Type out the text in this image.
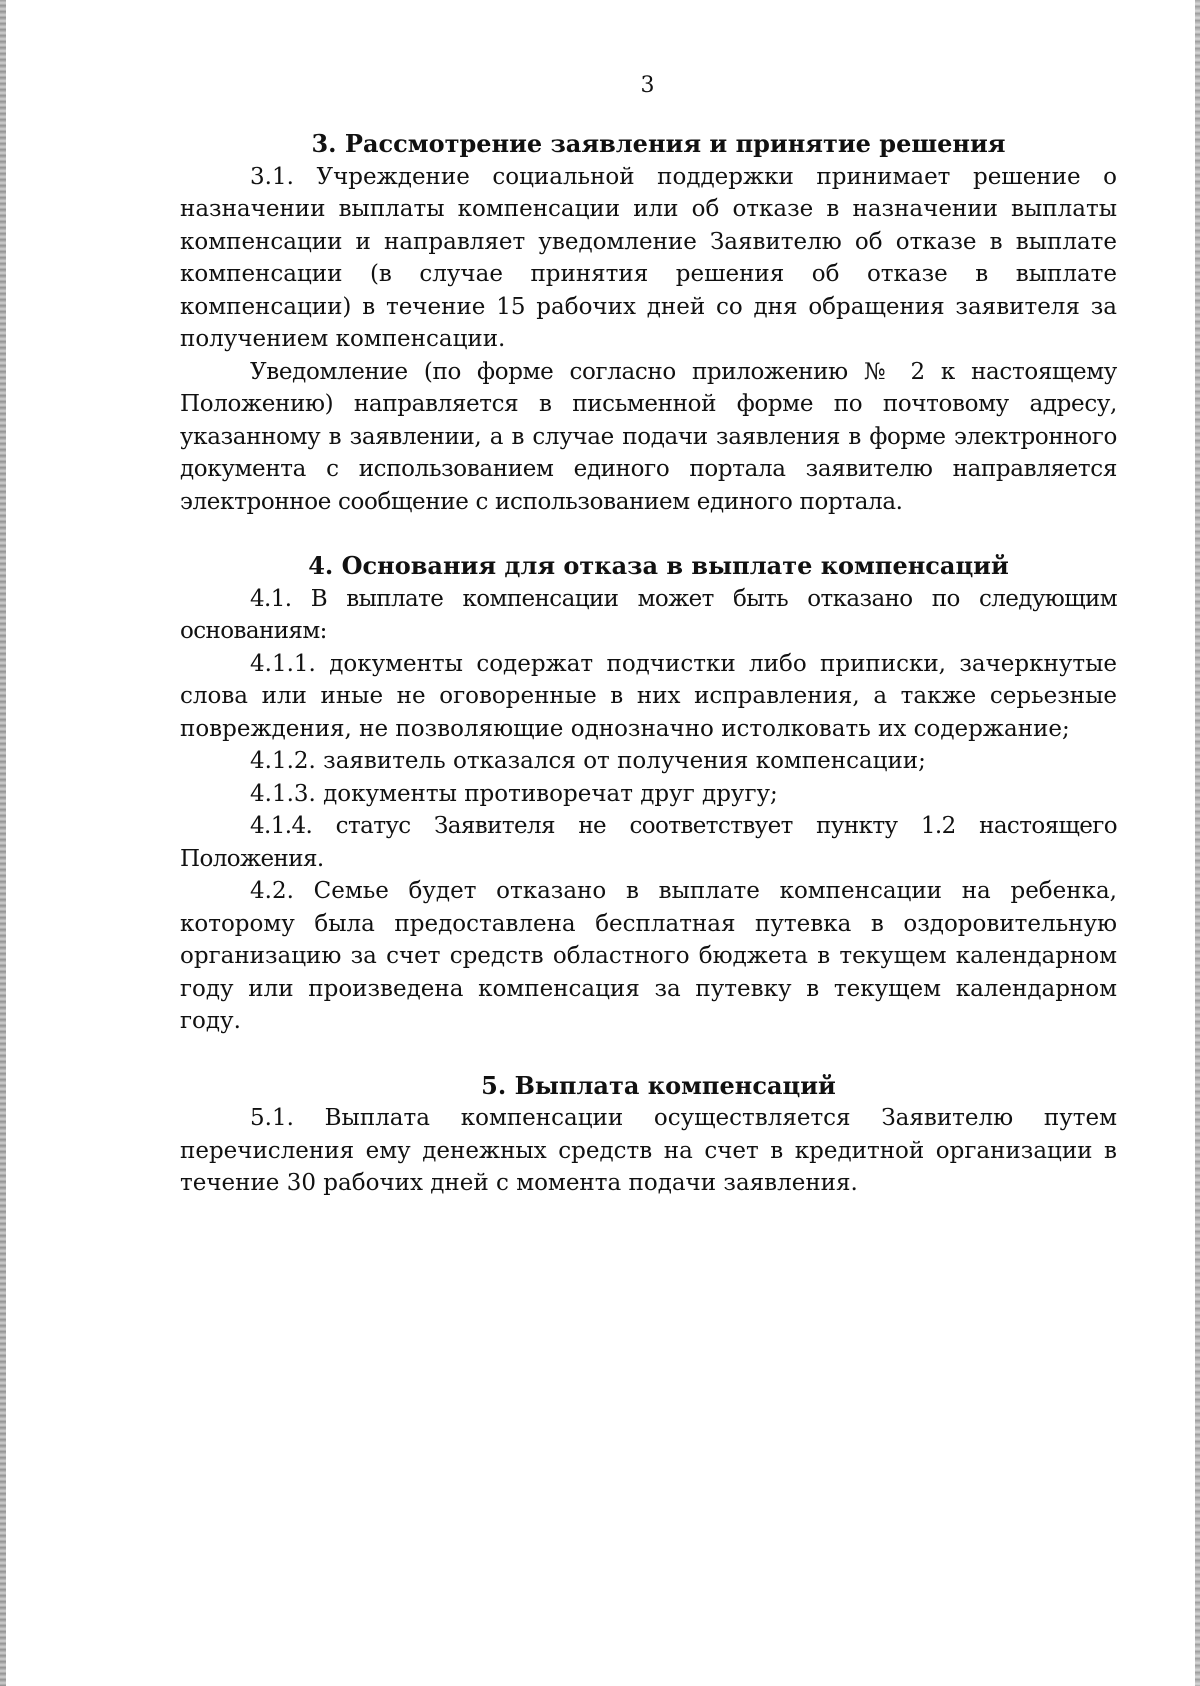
3
3. Рассмотрение заявления и принятие решения

3.1. Учреждение социальной поддержки принимает решение о назначении выплаты компенсации или об отказе в назначении выплаты компенсации и направляет уведомление Заявителю об отказе в выплате компенсации (в случае принятия решения об отказе в выплате компенсации) в течение 15 рабочих дней со дня обращения заявителя за получением компенсации.

Уведомление (по форме согласно приложению № 2 к настоящему Положению) направляется в письменной форме по почтовому адресу, указанному в заявлении, а в случае подачи заявления в форме электронного документа с использованием единого портала заявителю направляется электронное сообщение с использованием единого портала.

4. Основания для отказа в выплате компенсаций

4.1. В выплате компенсации может быть отказано по следующим основаниям:

4.1.1. документы содержат подчистки либо приписки, зачеркнутые слова или иные не оговоренные в них исправления, а также серьезные повреждения, не позволяющие однозначно истолковать их содержание;

4.1.2. заявитель отказался от получения компенсации;

4.1.3. документы противоречат друг другу;

4.1.4. статус Заявителя не соответствует пункту 1.2 настоящего Положения.

4.2. Семье будет отказано в выплате компенсации на ребенка, которому была предоставлена бесплатная путевка в оздоровительную организацию за счет средств областного бюджета в текущем календарном году или произведена компенсация за путевку в текущем календарном году.

5. Выплата компенсаций

5.1. Выплата компенсации осуществляется Заявителю путем перечисления ему денежных средств на счет в кредитной организации в течение 30 рабочих дней с момента подачи заявления.
